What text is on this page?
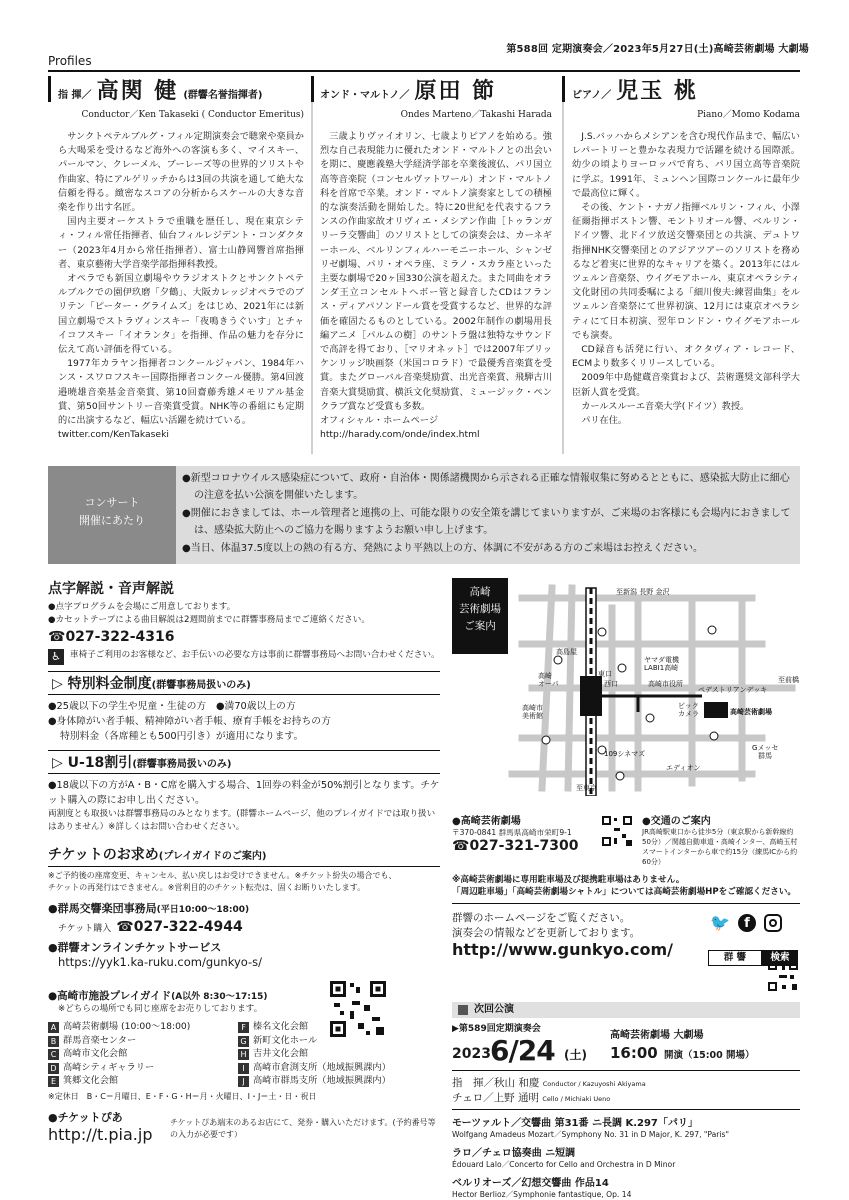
第588回 定期演奏会／2023年5月27日(土)高崎芸術劇場 大劇場
Profiles
指 揮／ 高関 健 (群響名誉指揮者)
Conductor／Ken Takaseki ( Conductor Emeritus)

サンクトペテルブルグ・フィル定期演奏会で聴衆や楽員から大喝采を受けるなど海外への客演も多く、マイスキー、パールマン、クレーメル、ブーレーズ等の世界的ソリストや作曲家、特にアルゲリッチからは3回の共演を通して絶大な信頼を得る。緻密なスコアの分析からスケールの大きな音楽を作り出す名匠。

国内主要オーケストラで重職を歴任し、現在東京シティ・フィル常任指揮者、仙台フィルレジデント・コンダクター（2023年4月から常任指揮者）、富士山静岡響首席指揮者、東京藝術大学音楽学部指揮科教授。

オペラでも新国立劇場やウラジオストクとサンクトペテルブルクでの園伊玖磨「夕鶴」、大阪カレッジオペラでのブリテン「ピーター・グライムズ」をはじめ、2021年には新国立劇場でストラヴィンスキー「夜鳴きうぐいす」とチャイコフスキー「イオランタ」を指揮、作品の魅力を存分に伝えて高い評価を得ている。

1977年カラヤン指揮者コンクールジャパン、1984年ハンス・スワロフスキー国際指揮者コンクール優勝。第4回渡邉曉雄音楽基金音楽賞、第10回齋藤秀雄メモリアル基金賞、第50回サントリー音楽賞受賞。NHK等の番組にも定期的に出演するなど、幅広い活躍を続けている。

twitter.com/KenTakaseki

オンド・マルトノ／ 原田 節
Ondes Marteno／Takashi Harada

三歳よりヴァイオリン、七歳よりピアノを始める。強烈な自己表現能力に優れたオンド・マルトノとの出会いを期に、慶應義塾大学経済学部を卒業後渡仏、パリ国立高等音楽院（コンセルヴァトワール）オンド・マルトノ科を首席で卒業。オンド・マルトノ演奏家としての積極的な演奏活動を開始した。特に20世紀を代表するフランスの作曲家故オリヴィエ・メシアン作曲［トゥランガリーラ交響曲］のソリストとしての演奏会は、カーネギーホール、ベルリンフィルハーモニーホール、シャンゼリゼ劇場、パリ・オペラ座、ミラノ・スカラ座といった主要な劇場で20ヶ国330公演を超えた。また同曲をオランダ王立コンセルトヘボー管と録音したCDはフランス・ディアパソンドール賞を受賞するなど、世界的な評価を確固たるものとしている。2002年制作の劇場用長編アニメ［パルムの樹］のサントラ盤は独特なサウンドで高評を得ており、［マリオネット］では2007年ブリッケンリッジ映画祭（米国コロラド）で最優秀音楽賞を受賞。またグローバル音楽奨励賞、出光音楽賞、飛騨古川音楽大賞奨励賞、横浜文化奨励賞、ミュージック・ペンクラブ賞など受賞も多数。

オフィシャル・ホームページ

http://harady.com/onde/index.html

ピアノ／ 児玉 桃
Piano／Momo Kodama

J.S.バッハからメシアンを含む現代作品まで、幅広いレパートリーと豊かな表現力で活躍を続ける国際派。幼少の頃よりヨーロッパで育ち、パリ国立高等音楽院に学ぶ。1991年、ミュンヘン国際コンクールに最年少で最高位に輝く。

その後、ケント・ナガノ指揮ベルリン・フィル、小澤征爾指揮ボストン響、モントリオール響、ベルリン・ドイツ響、北ドイツ放送交響楽団との共演、デュトワ指揮NHK交響楽団とのアジアツアーのソリストを務めるなど着実に世界的なキャリアを築く。2013年にはルツェルン音楽祭、ウイグモアホール、東京オペラシティ文化財団の共同委嘱による「細川俊夫:練習曲集」をルツェルン音楽祭にて世界初演、12月には東京オペラシティにて日本初演、翌年ロンドン・ウイグモアホールでも演奏。

CD録音も活発に行い、オクタヴィア・レコード、ECMより数多くリリースしている。

2009年中島健蔵音楽賞および、芸術選奨文部科学大臣新人賞を受賞。

カールスルーエ音楽大学(ドイツ）教授。

パリ在住。

コンサート
開催にあたり
●新型コロナウイルス感染症について、政府・自治体・関係諸機関から示される正確な情報収集に努めるとともに、感染拡大防止に細心の注意を払い公演を開催いたします。
●開催におきましては、ホール管理者と連携の上、可能な限りの安全策を講じてまいりますが、ご来場のお客様にも会場内におきましては、感染拡大防止へのご協力を賜りますようお願い申し上げます。
●当日、体温37.5度以上の熱の有る方、発熱により平熱以上の方、体調に不安がある方のご来場はお控えください。
点字解説・音声解説
●点字プログラムを会場にご用意しております。
●カセットテープによる曲目解説は2週間前までに群響事務局までご連絡ください。
☎027-322-4316
♿	車椅子ご利用のお客様など、お手伝いの必要な方は事前に群響事務局へお問い合わせください。
▷ 特別料金制度(群響事務局扱いのみ)
●25歳以下の学生や児童・生徒の方　●満70歳以上の方
●身体障がい者手帳、精神障がい者手帳、療育手帳をお持ちの方
特別料金（各席種とも500円引き）が適用になります。
▷ U-18割引(群響事務局扱いのみ)
●18歳以下の方がA・B・C席を購入する場合、1回券の料金が50%割引となります。チケット購入の際にお申し出ください。
両割度とも取扱いは群響事務局のみとなります。(群響ホームページ、他のプレイガイドでは取り扱いはありません）※詳しくはお問い合わせください。
チケットのお求め(プレイガイドのご案内)
※ご予約後の座席変更、キャンセル、払い戻しはお受けできません。※チケット紛失の場合でも、
チケットの再発行はできません。※営利目的のチケット転売は、固くお断りいたします。
●群馬交響楽団事務局(平日10:00〜18:00)
チケット購入 ☎027-322-4944
●群響オンラインチケットサービス
https://yyk1.ka-ruku.com/gunkyo-s/
●高崎市施設プレイガイド(A以外 8:30〜17:15)
※どちらの場所でも同じ座席をお売りしております。
A 高崎芸術劇場 (10:00〜18:00)
B 群馬音楽センター
C 高崎市文化会館
D 高崎シティギャラリー
E 箕郷文化会館
F 榛名文化会館
G 新町文化ホール
H 吉井文化会館
I 高崎市倉渕支所（地域振興課内）
J 高崎市群馬支所（地域振興課内）
※定休日　B・C＝月曜日、E・F・G・H＝月・火曜日、I・J＝土・日・祝日
●チケットぴあ
http://t.pia.jp
チケットぴあ端末のあるお店にて、発券・購入いただけます。(予約番号等の入力が必要です）
至新潟 長野 金沢
至東京
至前橋
高島屋
高崎
オーパ
ヤマダ電機
LABI1高崎
高崎市役所
西口
東口
ビック
カメラ	高崎芸術劇場
ペデストリアンデッキ
高崎市
美術館
109シネマズ
エディオン
Gメッセ
群馬
高崎
芸術劇場
ご案内
●高崎芸術劇場
〒370-0841 群馬県高崎市栄町9-1
☎027-321-7300
●交通のご案内
JR高崎駅東口から徒歩5分（東京駅から新幹線約50分）／関越自動車道・高崎インター、高崎玉村スマートインターから車で約15分（練馬ICから約60分）
※高崎芸術劇場に専用駐車場及び提携駐車場はありません。
「周辺駐車場」「高崎芸術劇場シャトル」については高崎芸術劇場HPをご確認ください。
群響のホームページをご覧ください。
演奏会の情報などを更新しております。
http://www.gunkyo.com/
🐦	f
群 響	検索
次回公演
▶第589回定期演奏会
2023 6/24 (土)
高崎芸術劇場 大劇場
16:00 開演（15:00 開場）
指　揮／秋山 和慶 Conductor / Kazuyoshi Akiyama
チェロ／上野 通明 Cello / Michiaki Ueno
モーツァルト／交響曲 第31番 ニ長調 K.297「パリ」
Wolfgang Amadeus Mozart／Symphony No. 31 in D Major, K. 297, "Paris"
ラロ／チェロ協奏曲 ニ短調
Édouard Lalo／Concerto for Cello and Orchestra in D Minor
ベルリオーズ／幻想交響曲 作品14
Hector Berlioz／Symphonie fantastique, Op. 14
